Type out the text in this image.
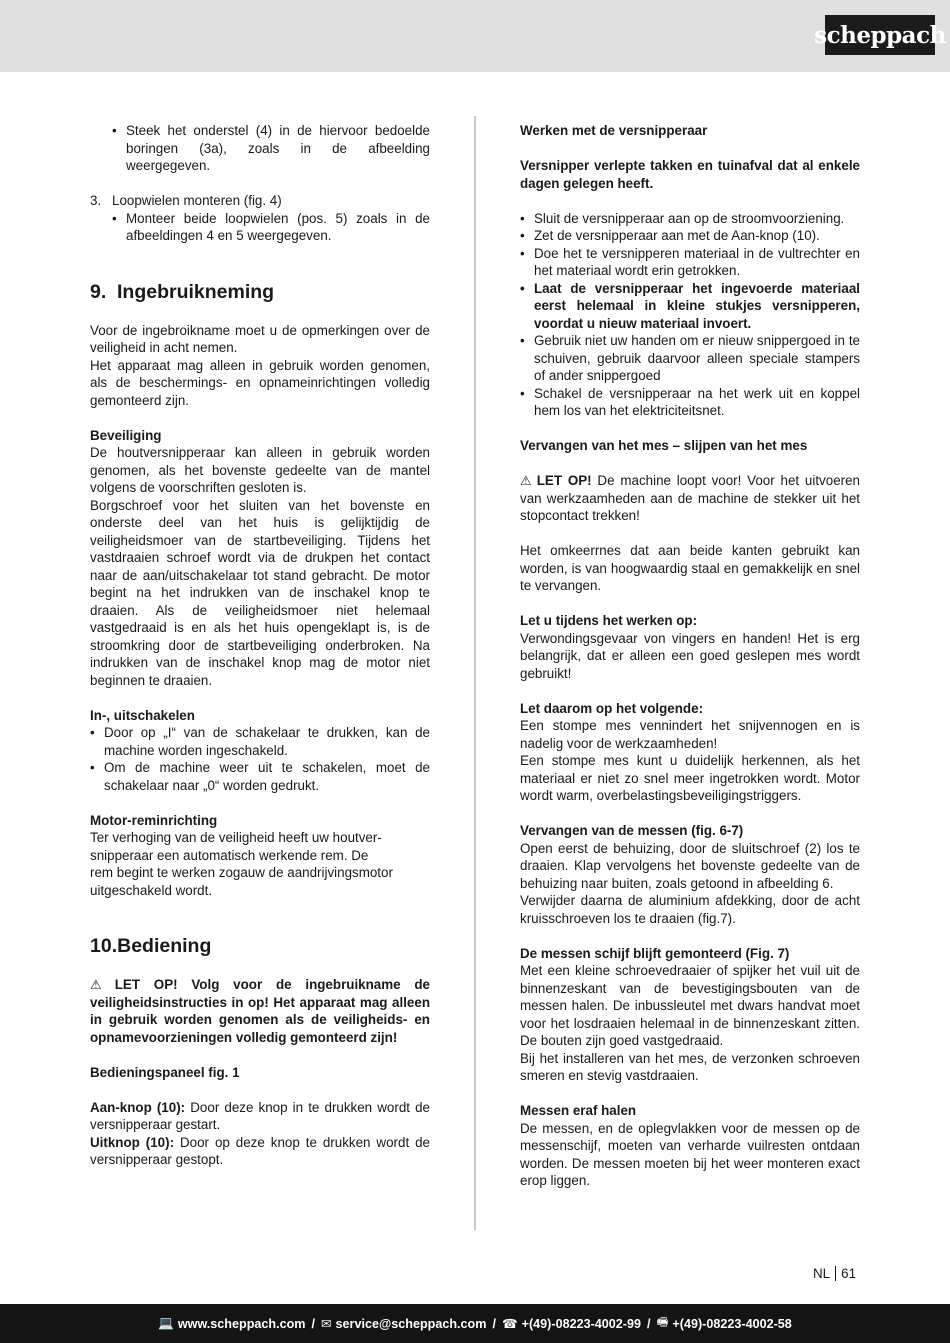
scheppach
• Steek het onderstel (4) in de hiervoor bedoelde boringen (3a), zoals in de afbeelding weergegeven.
3. Loopwielen monteren (fig. 4)
• Monteer beide loopwielen (pos. 5) zoals in de afbeeldingen 4 en 5 weergegeven.
9. Ingebruikneming

Voor de ingebroikname moet u de opmerkingen over de veiligheid in acht nemen.

Het apparaat mag alleen in gebruik worden genomen, als de beschermings- en opnameinrichtingen volledig gemonteerd zijn.

Beveiliging

De houtversnipperaar kan alleen in gebruik worden genomen, als het bovenste gedeelte van de mantel volgens de voorschriften gesloten is.

Borgschroef voor het sluiten van het bovenste en onderste deel van het huis is gelijktijdig de veiligheidsmoer van de startbeveiliging. Tijdens het vastdraaien schroef wordt via de drukpen het contact naar de aan/uitschakelaar tot stand gebracht. De motor begint na het indrukken van de inschakel knop te draaien. Als de veiligheidsmoer niet helemaal vastgedraaid is en als het huis opengeklapt is, is de stroomkring door de startbeveiliging onderbroken. Na indrukken van de inschakel knop mag de motor niet beginnen te draaien.

In-, uitschakelen

• Door op „I“ van de schakelaar te drukken, kan de machine worden ingeschakeld.
• Om de machine weer uit te schakelen, moet de schakelaar naar „0“ worden gedrukt.

Motor-reminrichting

Ter verhoging van de veiligheid heeft uw houtver-

snipperaar een automatisch werkende rem. De

rem begint te werken zogauw de aandrijvingsmotor

uitgeschakeld wordt.

10.Bediening

⚠ LET OP! Volg voor de ingebruikname de veiligheidsinstructies in op! Het apparaat mag alleen in gebruik worden genomen als de veiligheids- en opnamevoorzieningen volledig gemonteerd zijn!

Bedieningspaneel fig. 1

Aan-knop (10): Door deze knop in te drukken wordt de versnipperaar gestart.

Uitknop (10): Door op deze knop te drukken wordt de versnipperaar gestopt.

Werken met de versnipperaar

Versnipper verlepte takken en tuinafval dat al enkele dagen gelegen heeft.

• Sluit de versnipperaar aan op de stroomvoorziening.
• Zet de versnipperaar aan met de Aan-knop (10).
• Doe het te versnipperen materiaal in de vultrechter en het materiaal wordt erin getrokken.
• Laat de versnipperaar het ingevoerde materiaal eerst helemaal in kleine stukjes versnipperen, voordat u nieuw materiaal invoert.
• Gebruik niet uw handen om er nieuw snippergoed in te schuiven, gebruik daarvoor alleen speciale stampers of ander snippergoed
• Schakel de versnipperaar na het werk uit en koppel hem los van het elektriciteitsnet.

Vervangen van het mes – slijpen van het mes

⚠ LET OP! De machine loopt voor! Voor het uitvoeren van werkzaamheden aan de machine de stekker uit het stopcontact trekken!

Het omkeerrnes dat aan beide kanten gebruikt kan worden, is van hoogwaardig staal en gemakkelijk en snel te vervangen.

Let u tijdens het werken op:

Verwondingsgevaar von vingers en handen! Het is erg belangrijk, dat er alleen een goed geslepen mes wordt gebruikt!

Let daarom op het volgende:

Een stompe mes vennindert het snijvennogen en is nadelig voor de werkzaamheden!

Een stompe mes kunt u duidelijk herkennen, als het materiaal er niet zo snel meer ingetrokken wordt. Motor wordt warm, overbelastingsbeveiligingstriggers.

Vervangen van de messen (fig. 6-7)

Open eerst de behuizing, door de sluitschroef (2) los te draaien. Klap vervolgens het bovenste gedeelte van de behuizing naar buiten, zoals getoond in afbeelding 6.

Verwijder daarna de aluminium afdekking, door de acht kruisschroeven los te draaien (fig.7).

De messen schijf blijft gemonteerd (Fig. 7)

Met een kleine schroevedraaier of spijker het vuil uit de binnenzeskant van de bevestigingsbouten van de messen halen. De inbussleutel met dwars handvat moet voor het losdraaien helemaal in de binnenzeskant zitten. De bouten zijn goed vastgedraaid.

Bij het installeren van het mes, de verzonken schroeven smeren en stevig vastdraaien.

Messen eraf halen

De messen, en de oplegvlakken voor de messen op de messenschijf, moeten van verharde vuilresten ontdaan worden. De messen moeten bij het weer monteren exact erop liggen.

NL 61
💻 www.scheppach.com / ✉ service@scheppach.com / ☎ +(49)-08223-4002-99 / 🖷 +(49)-08223-4002-58
